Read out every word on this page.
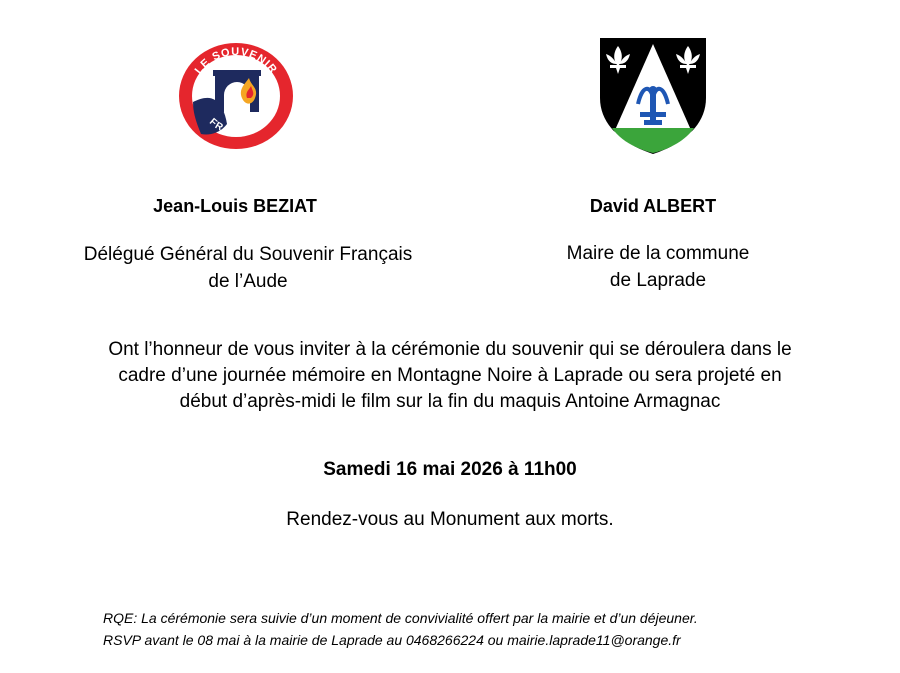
LE SOUVENIR
FRANÇAIS
Jean-Louis BEZIAT	David ALBERT
Délégué Général du Souvenir Français
de l’Aude
Maire de la commune
de Laprade
Ont l’honneur de vous inviter à la cérémonie du souvenir qui se déroulera dans le
cadre d’une journée mémoire en Montagne Noire à Laprade ou sera projeté en
début d’après-midi le film sur la fin du maquis Antoine Armagnac
Samedi 16 mai 2026 à 11h00
Rendez-vous au Monument aux morts.
RQE: La cérémonie sera suivie d’un moment de convivialité offert par la mairie et d’un déjeuner.
RSVP avant le 08 mai à la mairie de Laprade au 0468266224 ou mairie.laprade11@orange.fr
